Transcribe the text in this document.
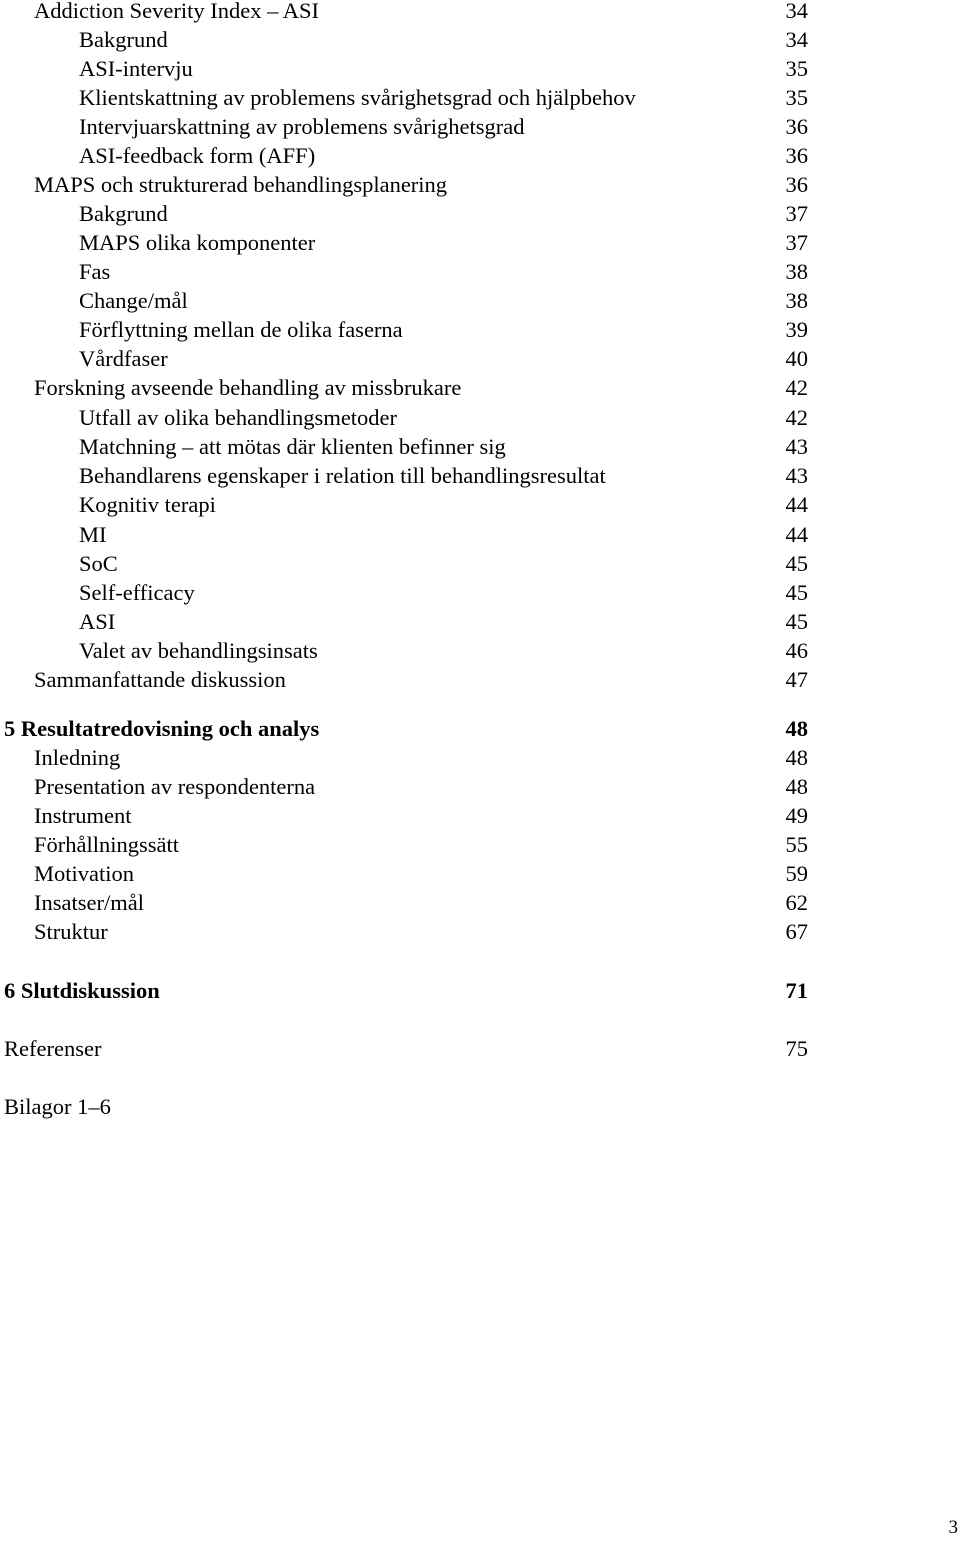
Addiction Severity Index – ASI	34
Bakgrund	34
ASI-intervju	35
Klientskattning av problemens svårighetsgrad och hjälpbehov	35
Intervjuarskattning av problemens svårighetsgrad	36
ASI-feedback form (AFF)	36
MAPS och strukturerad behandlingsplanering	36
Bakgrund	37
MAPS olika komponenter	37
Fas	38
Change/mål	38
Förflyttning mellan de olika faserna	39
Vårdfaser	40
Forskning avseende behandling av missbrukare	42
Utfall av olika behandlingsmetoder	42
Matchning – att mötas där klienten befinner sig	43
Behandlarens egenskaper i relation till behandlingsresultat	43
Kognitiv terapi	44
MI	44
SoC	45
Self-efficacy	45
ASI	45
Valet av behandlingsinsats	46
Sammanfattande diskussion	47
5 Resultatredovisning och analys	48
Inledning	48
Presentation av respondenterna	48
Instrument	49
Förhållningssätt	55
Motivation	59
Insatser/mål	62
Struktur	67
6 Slutdiskussion	71
Referenser	75
Bilagor 1–6
3
